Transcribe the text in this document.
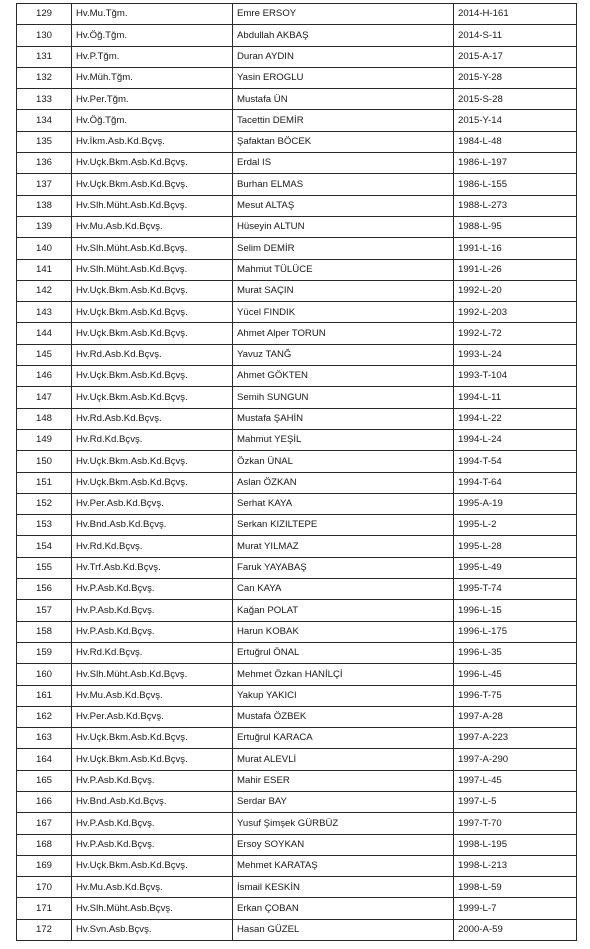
129	Hv.Mu.Tğm.	Emre ERSOY	2014-H-161
130	Hv.Öğ.Tğm.	Abdullah AKBAŞ	2014-S-11
131	Hv.P.Tğm.	Duran AYDIN	2015-A-17
132	Hv.Müh.Tğm.	Yasin EROGLU	2015-Y-28
133	Hv.Per.Tğm.	Mustafa ÜN	2015-S-28
134	Hv.Öğ.Tğm.	Tacettin DEMİR	2015-Y-14
135	Hv.İkm.Asb.Kd.Bçvş.	Şafaktan BÖCEK	1984-L-48
136	Hv.Uçk.Bkm.Asb.Kd.Bçvş.	Erdal IS	1986-L-197
137	Hv.Uçk.Bkm.Asb.Kd.Bçvş.	Burhan ELMAS	1986-L-155
138	Hv.Slh.Müht.Asb.Kd.Bçvş.	Mesut ALTAŞ	1988-L-273
139	Hv.Mu.Asb.Kd.Bçvş.	Hüseyin ALTUN	1988-L-95
140	Hv.Slh.Müht.Asb.Kd.Bçvş.	Selim DEMİR	1991-L-16
141	Hv.Slh.Müht.Asb.Kd.Bçvş.	Mahmut TÜLÜCE	1991-L-26
142	Hv.Uçk.Bkm.Asb.Kd.Bçvş.	Murat SAÇIN	1992-L-20
143	Hv.Uçk.Bkm.Asb.Kd.Bçvş.	Yücel FINDIK	1992-L-203
144	Hv.Uçk.Bkm.Asb.Kd.Bçvş.	Ahmet Alper TORUN	1992-L-72
145	Hv.Rd.Asb.Kd.Bçvş.	Yavuz TANĞ	1993-L-24
146	Hv.Uçk.Bkm.Asb.Kd.Bçvş.	Ahmet GÖKTEN	1993-T-104
147	Hv.Uçk.Bkm.Asb.Kd.Bçvş.	Semih SUNGUN	1994-L-11
148	Hv.Rd.Asb.Kd.Bçvş.	Mustafa ŞAHİN	1994-L-22
149	Hv.Rd.Kd.Bçvş.	Mahmut YEŞİL	1994-L-24
150	Hv.Uçk.Bkm.Asb.Kd.Bçvş.	Özkan ÜNAL	1994-T-54
151	Hv.Uçk.Bkm.Asb.Kd.Bçvş.	Aslan ÖZKAN	1994-T-64
152	Hv.Per.Asb.Kd.Bçvş.	Serhat KAYA	1995-A-19
153	Hv.Bnd.Asb.Kd.Bçvş.	Serkan KIZILTEPE	1995-L-2
154	Hv.Rd.Kd.Bçvş.	Murat YILMAZ	1995-L-28
155	Hv.Trf.Asb.Kd.Bçvş.	Faruk YAYABAŞ	1995-L-49
156	Hv.P.Asb.Kd.Bçvş.	Can KAYA	1995-T-74
157	Hv.P.Asb.Kd.Bçvş.	Kağan POLAT	1996-L-15
158	Hv.P.Asb.Kd.Bçvş.	Harun KOBAK	1996-L-175
159	Hv.Rd.Kd.Bçvş.	Ertuğrul ÖNAL	1996-L-35
160	Hv.Slh.Müht.Asb.Kd.Bçvş.	Mehmet Özkan HANİLÇİ	1996-L-45
161	Hv.Mu.Asb.Kd.Bçvş.	Yakup YAKICI	1996-T-75
162	Hv.Per.Asb.Kd.Bçvş.	Mustafa ÖZBEK	1997-A-28
163	Hv.Uçk.Bkm.Asb.Kd.Bçvş.	Ertuğrul KARACA	1997-A-223
164	Hv.Uçk.Bkm.Asb.Kd.Bçvş.	Murat ALEVLİ	1997-A-290
165	Hv.P.Asb.Kd.Bçvş.	Mahir ESER	1997-L-45
166	Hv.Bnd.Asb.Kd.Bçvş.	Serdar BAY	1997-L-5
167	Hv.P.Asb.Kd.Bçvş.	Yusuf Şimşek GÜRBÜZ	1997-T-70
168	Hv.P.Asb.Kd.Bçvş.	Ersoy SOYKAN	1998-L-195
169	Hv.Uçk.Bkm.Asb.Kd.Bçvş.	Mehmet KARATAŞ	1998-L-213
170	Hv.Mu.Asb.Kd.Bçvş.	İsmail KESKİN	1998-L-59
171	Hv.Slh.Müht.Asb.Bçvş.	Erkan ÇOBAN	1999-L-7
172	Hv.Svn.Asb.Bçvş.	Hasan GÜZEL	2000-A-59
